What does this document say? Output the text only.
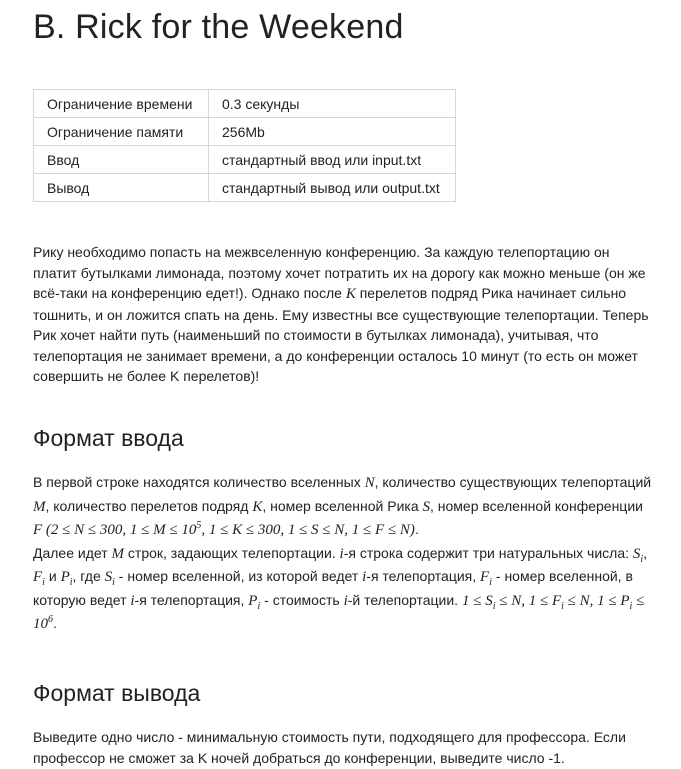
B. Rick for the Weekend
Ограничение времени	0.3 секунды
Ограничение памяти	256Mb
Ввод	стандартный ввод или input.txt
Вывод	стандартный вывод или output.txt

Рику необходимо попасть на межвселенную конференцию. За каждую телепортацию он платит бутылками лимонада, поэтому хочет потратить их на дорогу как можно меньше (он же всё-таки на конференцию едет!). Однако после K перелетов подряд Рика начинает сильно тошнить, и он ложится спать на день. Ему известны все существующие телепортации. Теперь Рик хочет найти путь (наименьший по стоимости в бутылках лимонада), учитывая, что телепортация не занимает времени, а до конференции осталось 10 минут (то есть он может совершить не более K перелетов)!

Формат ввода

В первой строке находятся количество вселенных N, количество существующих телепортаций M, количество перелетов подряд K, номер вселенной Рика S, номер вселенной конференции F (2 ≤ N ≤ 300, $1 \le M \le 10^5$, 1 ≤ K ≤ 300, 1 ≤ S ≤ N, 1 ≤ F ≤ N).
Далее идет M строк, задающих телепортации. i-я строка содержит три натуральных числа: $S_i$, $F_i$ и $P_i$, где $S_i$ - номер вселенной, из которой ведет i-я телепортация, $F_i$ - номер вселенной, в которую ведет i-я телепортация, $P_i$ - стоимость i-й телепортации. $1 \le S_i \le N$, $1 \le F_i \le N$, $1 \le P_i \le 10^6$.

Формат вывода

Выведите одно число - минимальную стоимость пути, подходящего для профессора. Если профессор не сможет за K ночей добраться до конференции, выведите число -1.
